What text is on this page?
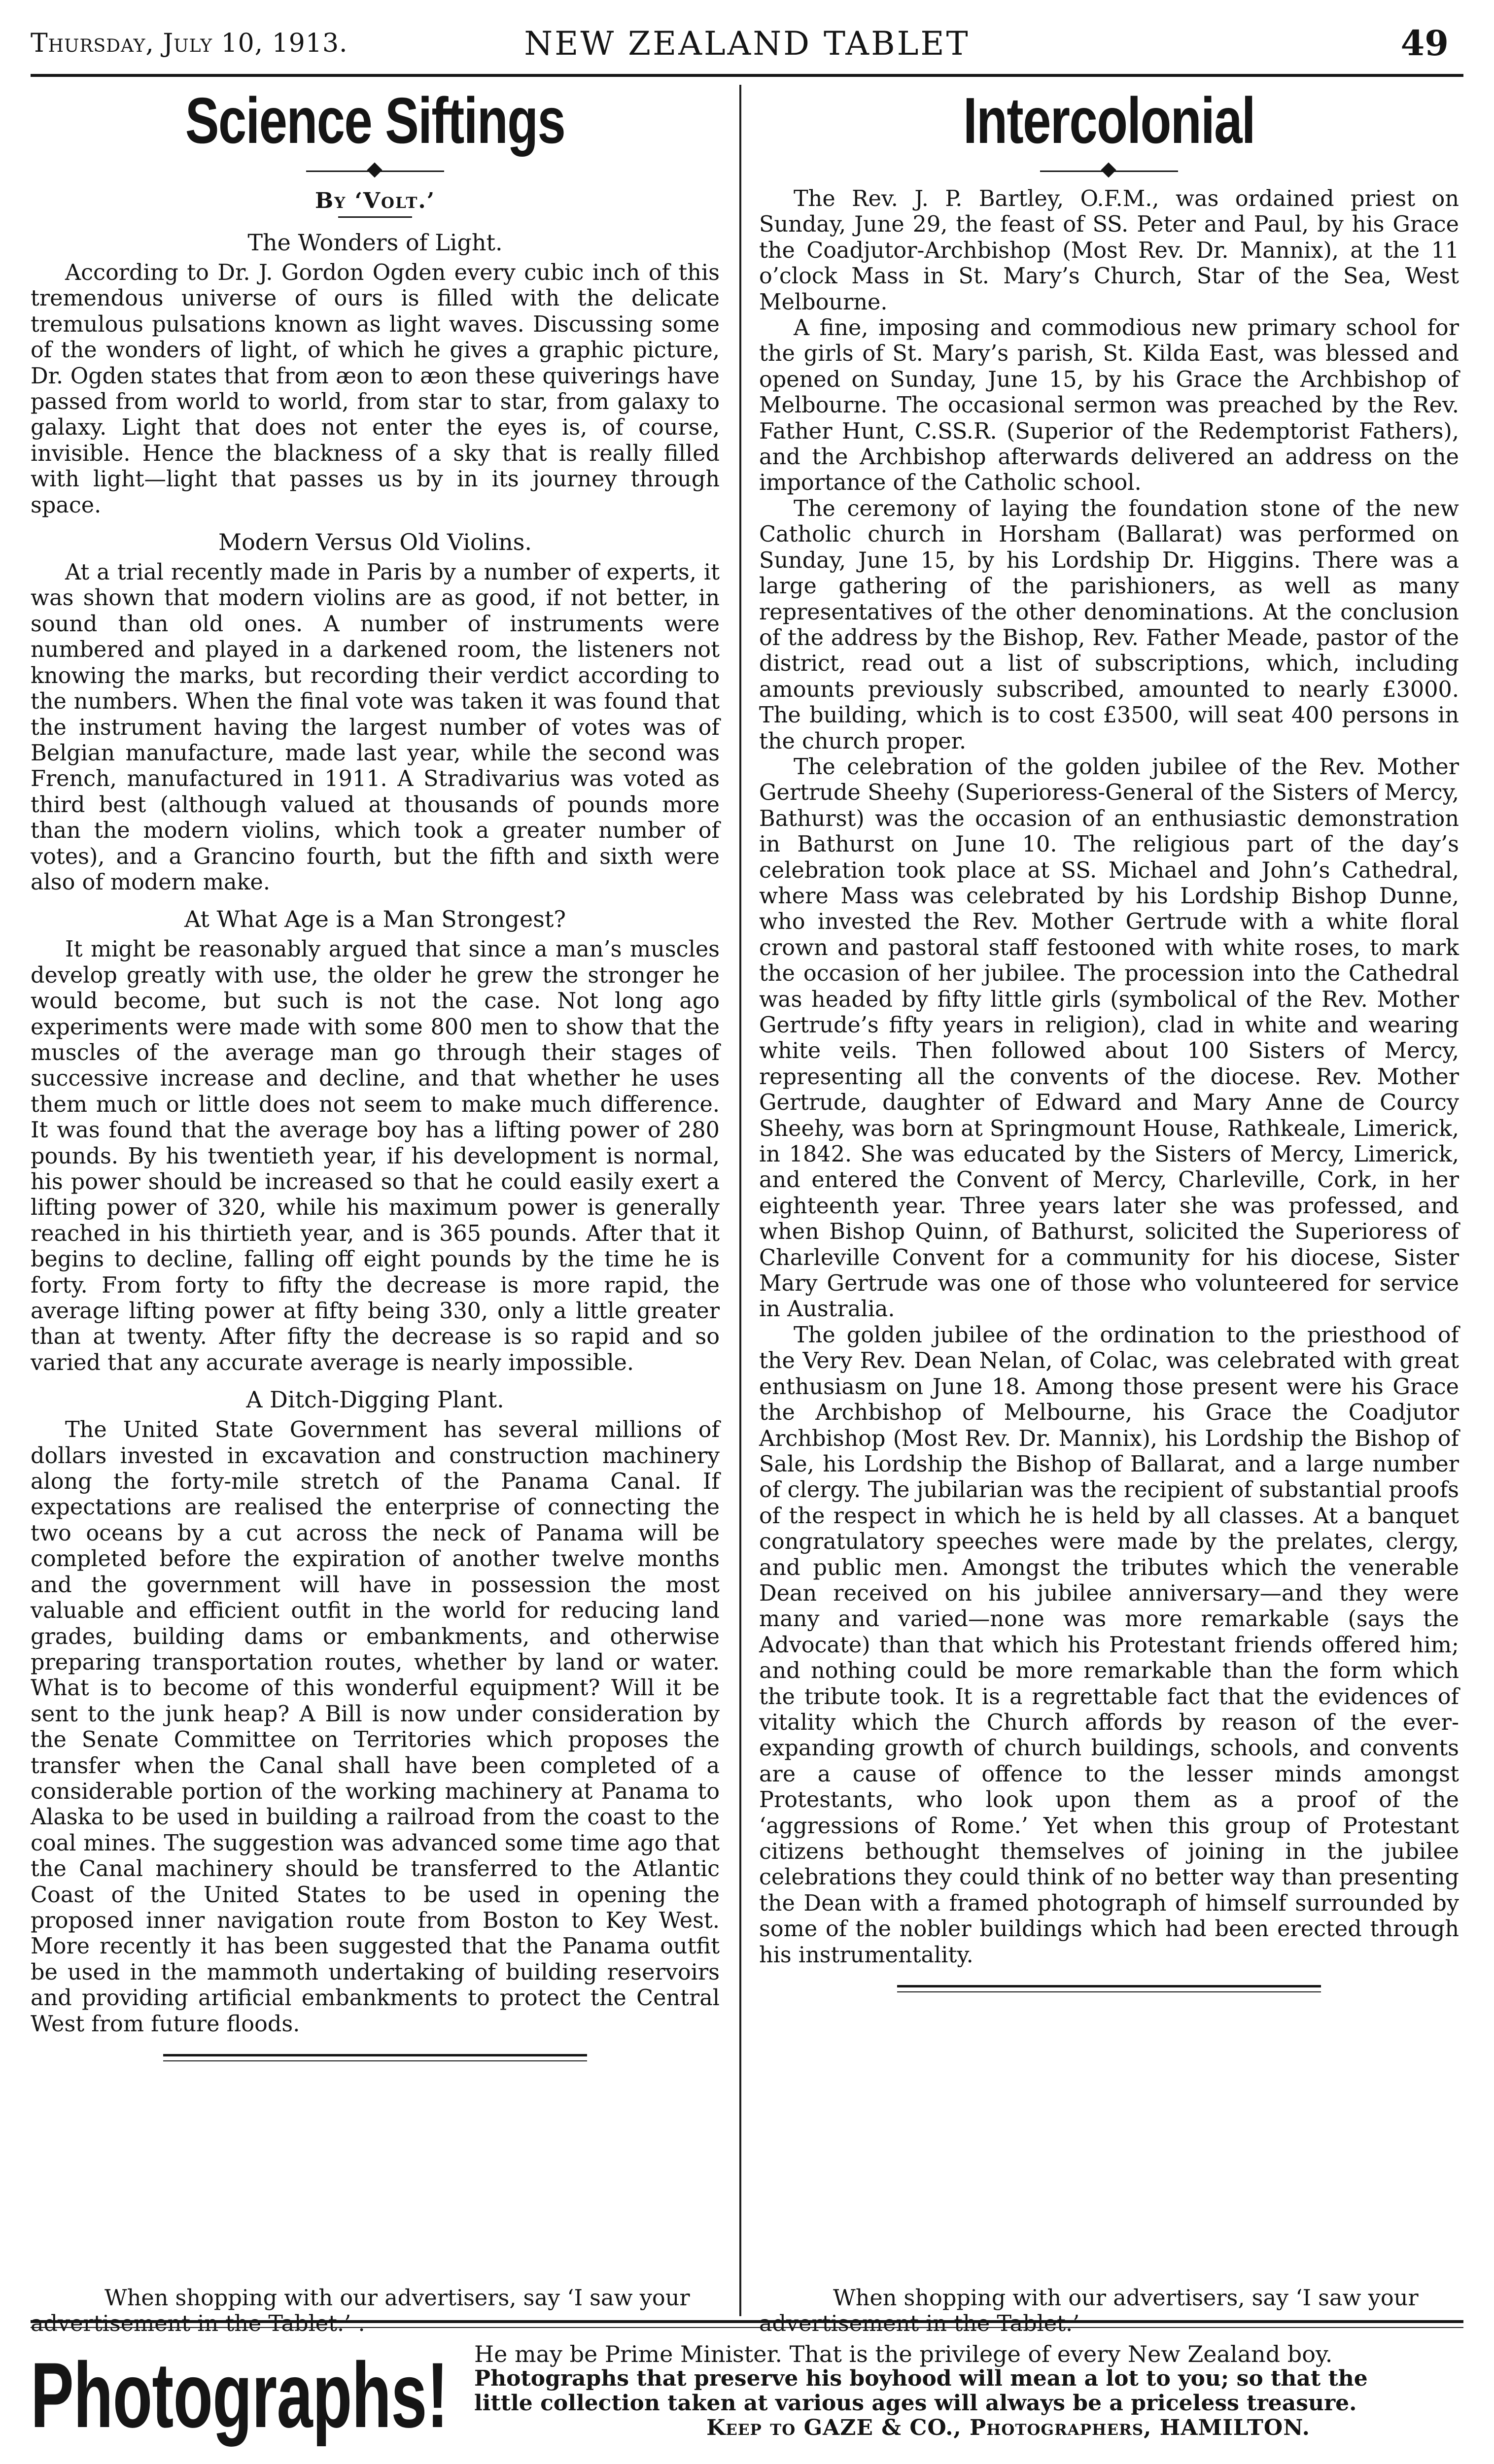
Thursday, July 10, 1913.	NEW ZEALAND TABLET	49
Science Siftings
By ‘Volt.’
The Wonders of Light.

According to Dr. J. Gordon Ogden every cubic inch of this tremendous universe of ours is filled with the delicate tremulous pulsations known as light waves. Discussing some of the wonders of light, of which he gives a graphic picture, Dr. Ogden states that from æon to æon these quiverings have passed from world to world, from star to star, from galaxy to galaxy. Light that does not enter the eyes is, of course, invisible. Hence the blackness of a sky that is really filled with light—light that passes us by in its journey through space.

Modern Versus Old Violins.

At a trial recently made in Paris by a number of experts, it was shown that modern violins are as good, if not better, in sound than old ones. A number of instruments were numbered and played in a darkened room, the listeners not knowing the marks, but recording their verdict according to the numbers. When the final vote was taken it was found that the instrument having the largest number of votes was of Belgian manufacture, made last year, while the second was French, manufactured in 1911. A Stradivarius was voted as third best (although valued at thousands of pounds more than the modern violins, which took a greater number of votes), and a Grancino fourth, but the fifth and sixth were also of modern make.

At What Age is a Man Strongest?

It might be reasonably argued that since a man’s muscles develop greatly with use, the older he grew the stronger he would become, but such is not the case. Not long ago experiments were made with some 800 men to show that the muscles of the average man go through their stages of successive increase and decline, and that whether he uses them much or little does not seem to make much difference. It was found that the average boy has a lifting power of 280 pounds. By his twentieth year, if his development is normal, his power should be increased so that he could easily exert a lifting power of 320, while his maximum power is generally reached in his thirtieth year, and is 365 pounds. After that it begins to decline, falling off eight pounds by the time he is forty. From forty to fifty the decrease is more rapid, the average lifting power at fifty being 330, only a little greater than at twenty. After fifty the decrease is so rapid and so varied that any accurate average is nearly impossible.

A Ditch-Digging Plant.

The United State Government has several millions of dollars invested in excavation and construction machinery along the forty-mile stretch of the Panama Canal. If expectations are realised the enterprise of connecting the two oceans by a cut across the neck of Panama will be completed before the expiration of another twelve months and the government will have in possession the most valuable and efficient outfit in the world for reducing land grades, building dams or embankments, and otherwise preparing transportation routes, whether by land or water. What is to become of this wonderful equipment? Will it be sent to the junk heap? A Bill is now under consideration by the Senate Committee on Territories which proposes the transfer when the Canal shall have been completed of a considerable portion of the working machinery at Panama to Alaska to be used in building a railroad from the coast to the coal mines. The suggestion was advanced some time ago that the Canal machinery should be transferred to the Atlantic Coast of the United States to be used in opening the proposed inner navigation route from Boston to Key West. More recently it has been suggested that the Panama outfit be used in the mammoth undertaking of building reservoirs and providing artificial embankments to protect the Central West from future floods.

When shopping with our advertisers, say ‘I saw your advertisement in the Tablet.’ .

Intercolonial

The Rev. J. P. Bartley, O.F.M., was ordained priest on Sunday, June 29, the feast of SS. Peter and Paul, by his Grace the Coadjutor-Archbishop (Most Rev. Dr. Mannix), at the 11 o’clock Mass in St. Mary’s Church, Star of the Sea, West Melbourne.

A fine, imposing and commodious new primary school for the girls of St. Mary’s parish, St. Kilda East, was blessed and opened on Sunday, June 15, by his Grace the Archbishop of Melbourne. The occasional sermon was preached by the Rev. Father Hunt, C.SS.R. (Superior of the Redemptorist Fathers), and the Archbishop afterwards delivered an address on the importance of the Catholic school.

The ceremony of laying the foundation stone of the new Catholic church in Horsham (Ballarat) was performed on Sunday, June 15, by his Lordship Dr. Higgins. There was a large gathering of the parishioners, as well as many representatives of the other denominations. At the conclusion of the address by the Bishop, Rev. Father Meade, pastor of the district, read out a list of subscriptions, which, including amounts previously subscribed, amounted to nearly £3000. The building, which is to cost £3500, will seat 400 persons in the church proper.

The celebration of the golden jubilee of the Rev. Mother Gertrude Sheehy (Superioress-General of the Sisters of Mercy, Bathurst) was the occasion of an enthusiastic demonstration in Bathurst on June 10. The religious part of the day’s celebration took place at SS. Michael and John’s Cathedral, where Mass was celebrated by his Lordship Bishop Dunne, who invested the Rev. Mother Gertrude with a white floral crown and pastoral staff festooned with white roses, to mark the occasion of her jubilee. The procession into the Cathedral was headed by fifty little girls (symbolical of the Rev. Mother Gertrude’s fifty years in religion), clad in white and wearing white veils. Then followed about 100 Sisters of Mercy, representing all the convents of the diocese. Rev. Mother Gertrude, daughter of Edward and Mary Anne de Courcy Sheehy, was born at Springmount House, Rathkeale, Limerick, in 1842. She was educated by the Sisters of Mercy, Limerick, and entered the Convent of Mercy, Charleville, Cork, in her eighteenth year. Three years later she was professed, and when Bishop Quinn, of Bathurst, solicited the Superioress of Charleville Convent for a community for his diocese, Sister Mary Gertrude was one of those who volunteered for service in Australia.

The golden jubilee of the ordination to the priesthood of the Very Rev. Dean Nelan, of Colac, was celebrated with great enthusiasm on June 18. Among those present were his Grace the Archbishop of Melbourne, his Grace the Coadjutor Archbishop (Most Rev. Dr. Mannix), his Lordship the Bishop of Sale, his Lordship the Bishop of Ballarat, and a large number of clergy. The jubilarian was the recipient of substantial proofs of the respect in which he is held by all classes. At a banquet congratulatory speeches were made by the prelates, clergy, and public men. Amongst the tributes which the venerable Dean received on his jubilee anniversary—and they were many and varied—none was more remarkable (says the Advocate) than that which his Protestant friends offered him; and nothing could be more remarkable than the form which the tribute took. It is a regrettable fact that the evidences of vitality which the Church affords by reason of the ever-expanding growth of church buildings, schools, and convents are a cause of offence to the lesser minds amongst Protestants, who look upon them as a proof of the ‘aggressions of Rome.’ Yet when this group of Protestant citizens bethought themselves of joining in the jubilee celebrations they could think of no better way than presenting the Dean with a framed photograph of himself surrounded by some of the nobler buildings which had been erected through his instrumentality.

When shopping with our advertisers, say ‘I saw your advertisement in the Tablet.’

Photographs! He may be Prime Minister. That is the privilege of every New Zealand boy.
Photographs that preserve his boyhood will mean a lot to you; so that the
little collection taken at various ages will always be a priceless treasure.
Keep to GAZE & CO., Photographers, HAMILTON.
